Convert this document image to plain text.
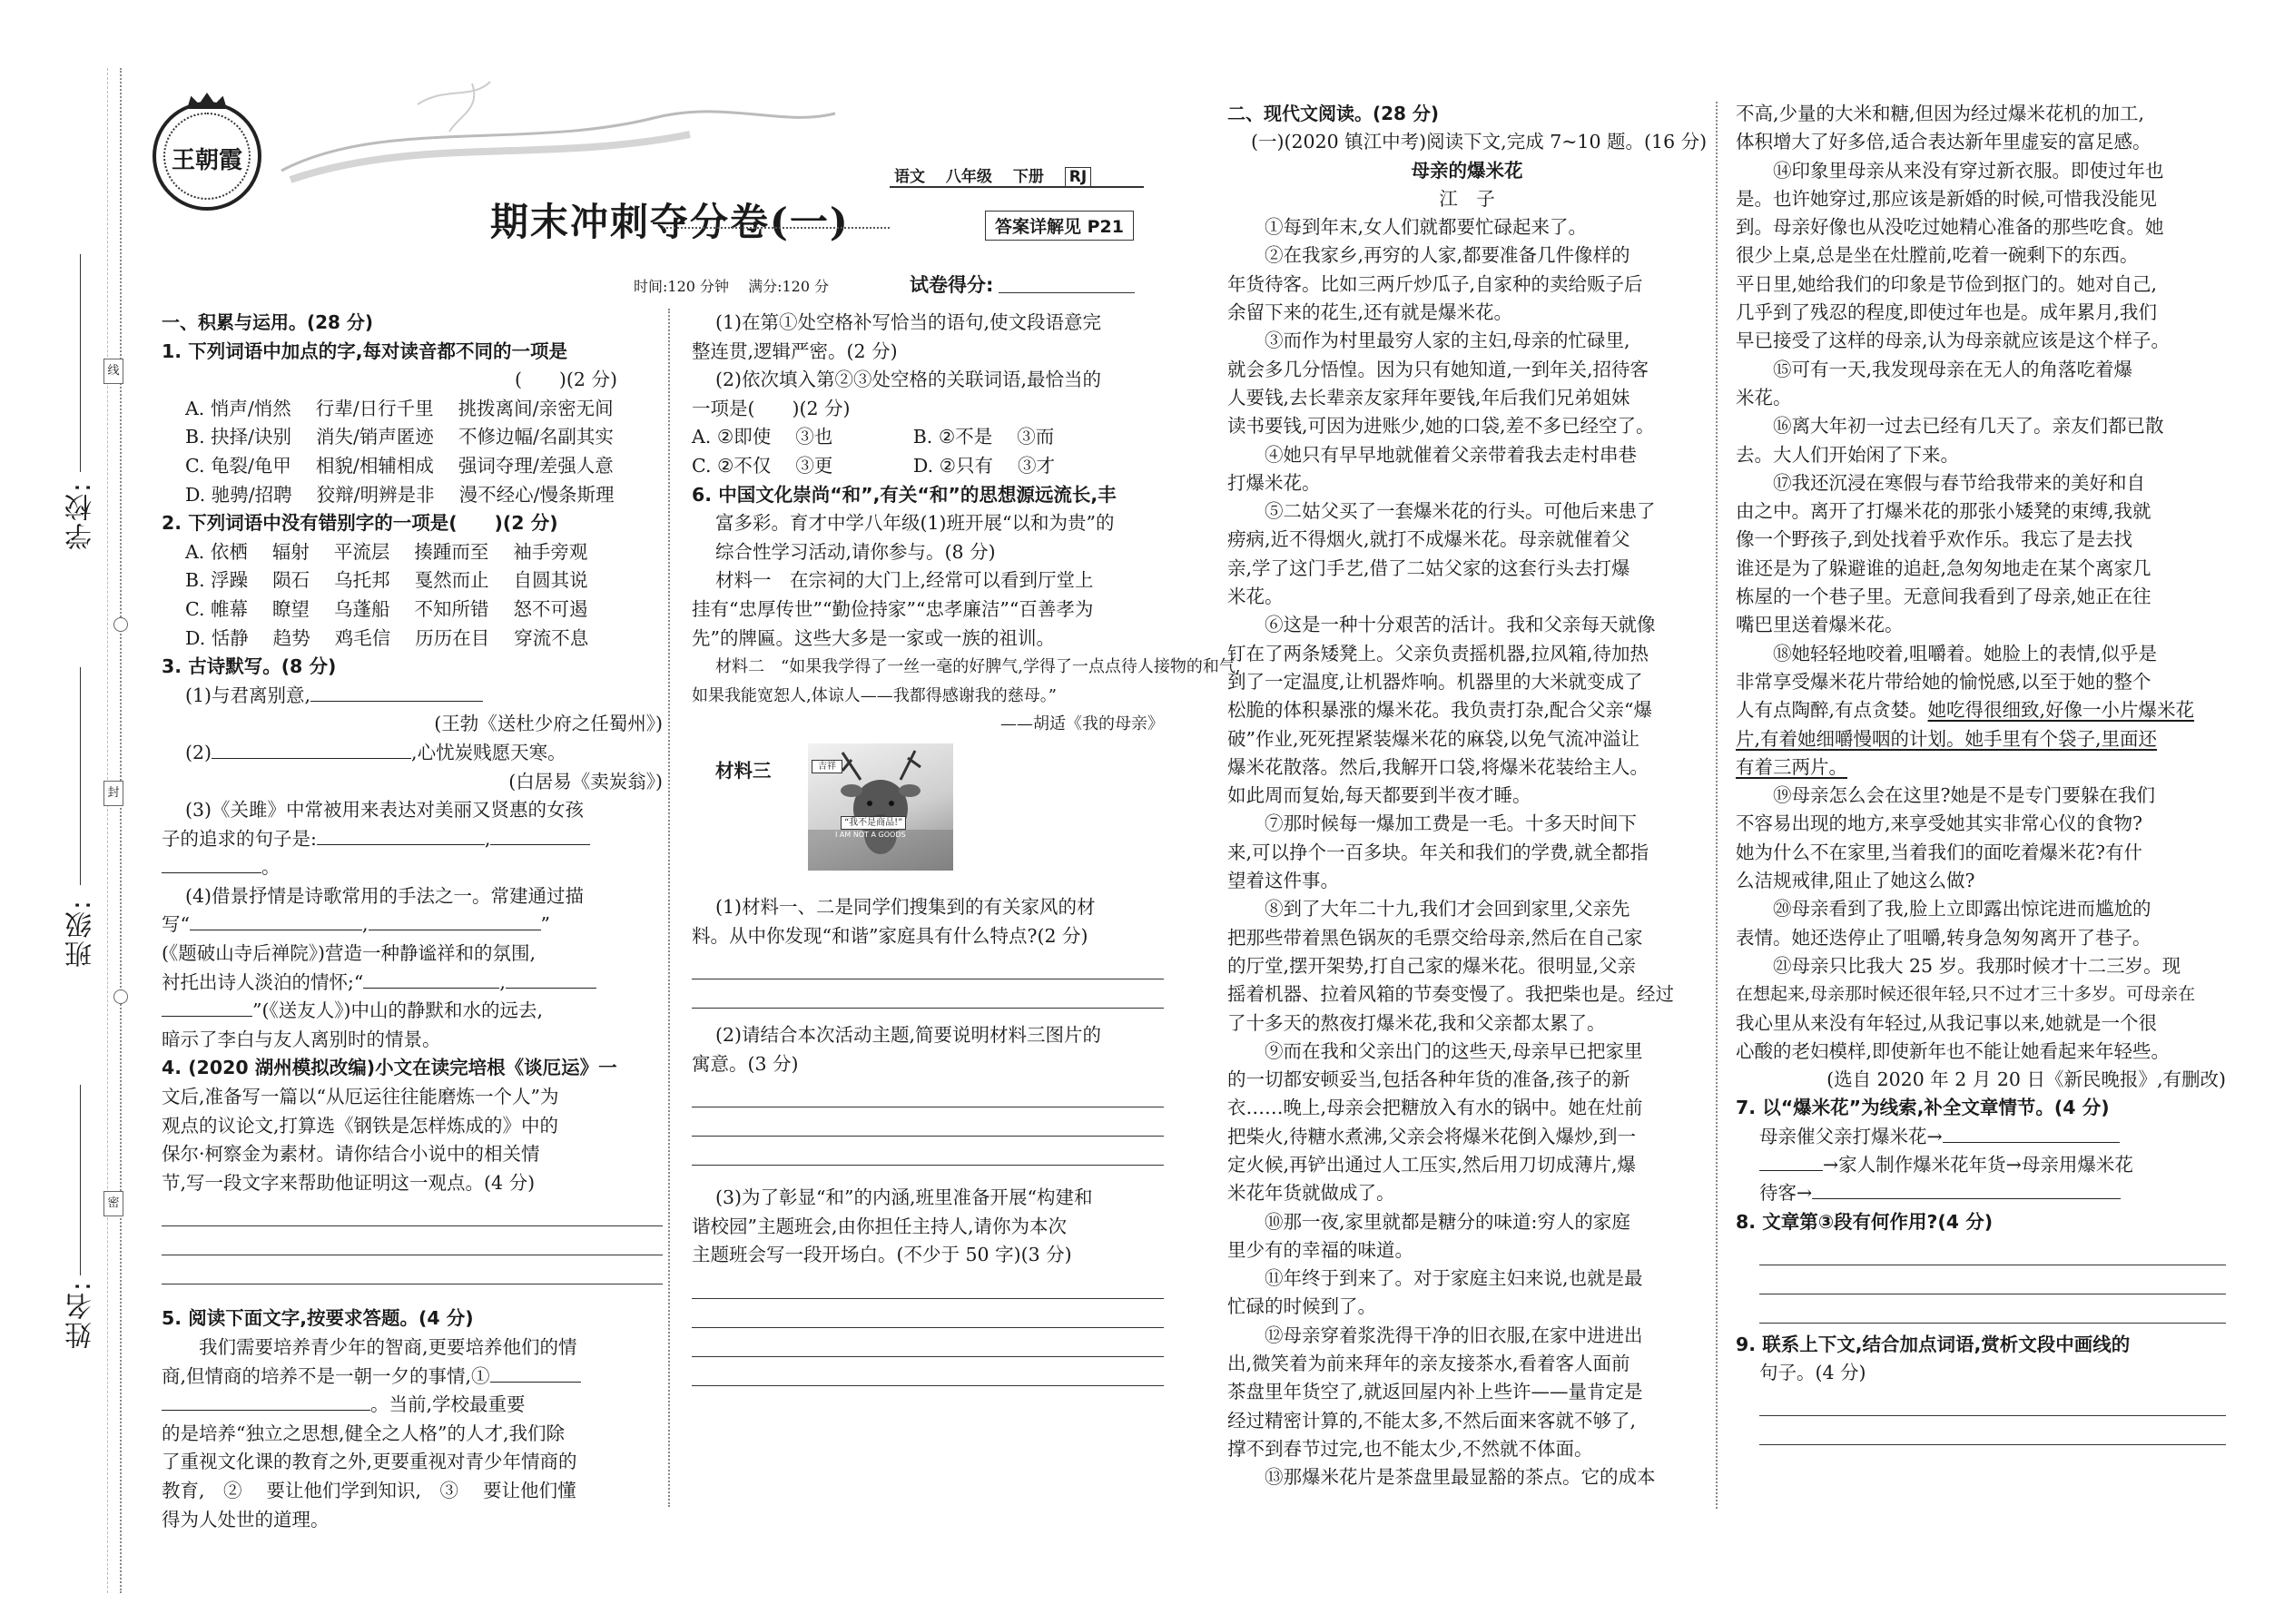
线
封
密
学校:
班级:
姓名:
王朝霞
期末冲刺夺分卷(一)
语文　 八年级　 下册　 RJ
答案详解见 P21
时间:120 分钟　 满分:120 分	试卷得分:

一、积累与运用。(28 分)

1. 下列词语中加点的字,每对读音都不同的一项是

(　　)(2 分)

A. 悄声/悄然　 行辈/日行千里　 挑拨离间/亲密无间

B. 抉择/诀别　 消失/销声匿迹　 不修边幅/名副其实

C. 龟裂/龟甲　 相貌/相辅相成　 强词夺理/差强人意

D. 驰骋/招聘　 狡辩/明辨是非　 漫不经心/慢条斯理

2. 下列词语中没有错别字的一项是(　　)(2 分)

A. 依栖　 辐射　 平流层　 揍踵而至　 袖手旁观

B. 浮躁　 陨石　 乌托邦　 戛然而止　 自圆其说

C. 帷幕　 瞭望　 乌蓬船　 不知所错　 怒不可遏

D. 恬静　 趋势　 鸡毛信　 历历在目　 穿流不息

3. 古诗默写。(8 分)

(1)与君离别意,

(王勃《送杜少府之任蜀州》)

(2)	,心忧炭贱愿天寒。

(白居易《卖炭翁》)

(3)《关雎》中常被用来表达对美丽又贤惠的女孩

子的追求的句子是:	,

。

(4)借景抒情是诗歌常用的手法之一。常建通过描

写“	,	”

(《题破山寺后禅院》)营造一种静谧祥和的氛围,

衬托出诗人淡泊的情怀;“	,

”(《送友人》)中山的静默和水的远去,

暗示了李白与友人离别时的情景。

4. (2020 湖州模拟改编)小文在读完培根《谈厄运》一

文后,准备写一篇以“从厄运往往能磨炼一个人”为

观点的议论文,打算选《钢铁是怎样炼成的》中的

保尔·柯察金为素材。请你结合小说中的相关情

节,写一段文字来帮助他证明这一观点。(4 分)

5. 阅读下面文字,按要求答题。(4 分)

我们需要培养青少年的智商,更要培养他们的情

商,但情商的培养不是一朝一夕的事情,①

。当前,学校最重要

的是培养“独立之思想,健全之人格”的人才,我们除

了重视文化课的教育之外,更要重视对青少年情商的

教育,　② 　要让他们学到知识,　③ 　要让他们懂

得为人处世的道理。

(1)在第①处空格补写恰当的语句,使文段语意完

整连贯,逻辑严密。(2 分)

(2)依次填入第②③处空格的关联词语,最恰当的

一项是(　　)(2 分)

A. ②即使　 ③也　　　　 B. ②不是　 ③而

C. ②不仅　 ③更　　　　 D. ②只有　 ③才

6. 中国文化崇尚“和”,有关“和”的思想源远流长,丰

富多彩。育才中学八年级(1)班开展“以和为贵”的

综合性学习活动,请你参与。(8 分)

材料一　在宗祠的大门上,经常可以看到厅堂上

挂有“忠厚传世”“勤俭持家”“忠孝廉洁”“百善孝为

先”的牌匾。这些大多是一家或一族的祖训。

材料二　“如果我学得了一丝一毫的好脾气,学得了一点点待人接物的和气,

如果我能宽恕人,体谅人——我都得感谢我的慈母。”

——胡适《我的母亲》

材料三	吉祥
“我不是商品!”
I AM NOT A GOODS

(1)材料一、二是同学们搜集到的有关家风的材

料。从中你发现“和谐”家庭具有什么特点?(2 分)

(2)请结合本次活动主题,简要说明材料三图片的

寓意。(3 分)

(3)为了彰显“和”的内涵,班里准备开展“构建和

谐校园”主题班会,由你担任主持人,请你为本次

主题班会写一段开场白。(不少于 50 字)(3 分)

二、现代文阅读。(28 分)

(一)(2020 镇江中考)阅读下文,完成 7~10 题。(16 分)

母亲的爆米花

江　子

①每到年末,女人们就都要忙碌起来了。

②在我家乡,再穷的人家,都要准备几件像样的

年货待客。比如三两斤炒瓜子,自家种的卖给贩子后

余留下来的花生,还有就是爆米花。

③而作为村里最穷人家的主妇,母亲的忙碌里,

就会多几分悟惶。因为只有她知道,一到年关,招待客

人要钱,去长辈亲友家拜年要钱,年后我们兄弟姐妹

读书要钱,可因为进账少,她的口袋,差不多已经空了。

④她只有早早地就催着父亲带着我去走村串巷

打爆米花。

⑤二姑父买了一套爆米花的行头。可他后来患了

痨病,近不得烟火,就打不成爆米花。母亲就催着父

亲,学了这门手艺,借了二姑父家的这套行头去打爆

米花。

⑥这是一种十分艰苦的活计。我和父亲每天就像

钉在了两条矮凳上。父亲负责摇机器,拉风箱,待加热

到了一定温度,让机器炸响。机器里的大米就变成了

松脆的体积暴涨的爆米花。我负责打杂,配合父亲“爆

破”作业,死死捏紧装爆米花的麻袋,以免气流冲溢让

爆米花散落。然后,我解开口袋,将爆米花装给主人。

如此周而复始,每天都要到半夜才睡。

⑦那时候每一爆加工费是一毛。十多天时间下

来,可以挣个一百多块。年关和我们的学费,就全都指

望着这件事。

⑧到了大年二十九,我们才会回到家里,父亲先

把那些带着黑色锅灰的毛票交给母亲,然后在自己家

的厅堂,摆开架势,打自己家的爆米花。很明显,父亲

摇着机器、拉着风箱的节奏变慢了。我把柴也是。经过

了十多天的熬夜打爆米花,我和父亲都太累了。

⑨而在我和父亲出门的这些天,母亲早已把家里

的一切都安顿妥当,包括各种年货的准备,孩子的新

衣……晚上,母亲会把糖放入有水的锅中。她在灶前

把柴火,待糖水煮沸,父亲会将爆米花倒入爆炒,到一

定火候,再铲出通过人工压实,然后用刀切成薄片,爆

米花年货就做成了。

⑩那一夜,家里就都是糖分的味道:穷人的家庭

里少有的幸福的味道。

⑪年终于到来了。对于家庭主妇来说,也就是最

忙碌的时候到了。

⑫母亲穿着浆洗得干净的旧衣服,在家中进进出

出,微笑着为前来拜年的亲友接茶水,看着客人面前

茶盘里年货空了,就返回屋内补上些许——量肯定是

经过精密计算的,不能太多,不然后面来客就不够了,

撑不到春节过完,也不能太少,不然就不体面。

⑬那爆米花片是茶盘里最显豁的茶点。它的成本

不高,少量的大米和糖,但因为经过爆米花机的加工,

体积增大了好多倍,适合表达新年里虚妄的富足感。

⑭印象里母亲从来没有穿过新衣服。即使过年也

是。也许她穿过,那应该是新婚的时候,可惜我没能见

到。母亲好像也从没吃过她精心准备的那些吃食。她

很少上桌,总是坐在灶膛前,吃着一碗剩下的东西。

平日里,她给我们的印象是节俭到抠门的。她对自己,

几乎到了残忍的程度,即使过年也是。成年累月,我们

早已接受了这样的母亲,认为母亲就应该是这个样子。

⑮可有一天,我发现母亲在无人的角落吃着爆

米花。

⑯离大年初一过去已经有几天了。亲友们都已散

去。大人们开始闲了下来。

⑰我还沉浸在寒假与春节给我带来的美好和自

由之中。离开了打爆米花的那张小矮凳的束缚,我就

像一个野孩子,到处找着乎欢作乐。我忘了是去找

谁还是为了躲避谁的追赶,急匆匆地走在某个离家几

栋屋的一个巷子里。无意间我看到了母亲,她正在往

嘴巴里送着爆米花。

⑱她轻轻地咬着,咀嚼着。她脸上的表情,似乎是

非常享受爆米花片带给她的愉悦感,以至于她的整个

人有点陶醉,有点贪婪。她吃得很细致,好像一小片爆米花

片,有着她细嚼慢咽的计划。她手里有个袋子,里面还

有着三两片。

⑲母亲怎么会在这里?她是不是专门要躲在我们

不容易出现的地方,来享受她其实非常心仪的食物?

她为什么不在家里,当着我们的面吃着爆米花?有什

么洁规戒律,阻止了她这么做?

⑳母亲看到了我,脸上立即露出惊诧进而尴尬的

表情。她还迭停止了咀嚼,转身急匆匆离开了巷子。

㉑母亲只比我大 25 岁。我那时候才十二三岁。现

在想起来,母亲那时候还很年轻,只不过才三十多岁。可母亲在

我心里从来没有年轻过,从我记事以来,她就是一个很

心酸的老妇模样,即使新年也不能让她看起来年轻些。

(选自 2020 年 2 月 20 日《新民晚报》,有删改)

7. 以“爆米花”为线索,补全文章情节。(4 分)

母亲催父亲打爆米花→

→家人制作爆米花年货→母亲用爆米花

待客→

8. 文章第③段有何作用?(4 分)

9. 联系上下文,结合加点词语,赏析文段中画线的

句子。(4 分)
